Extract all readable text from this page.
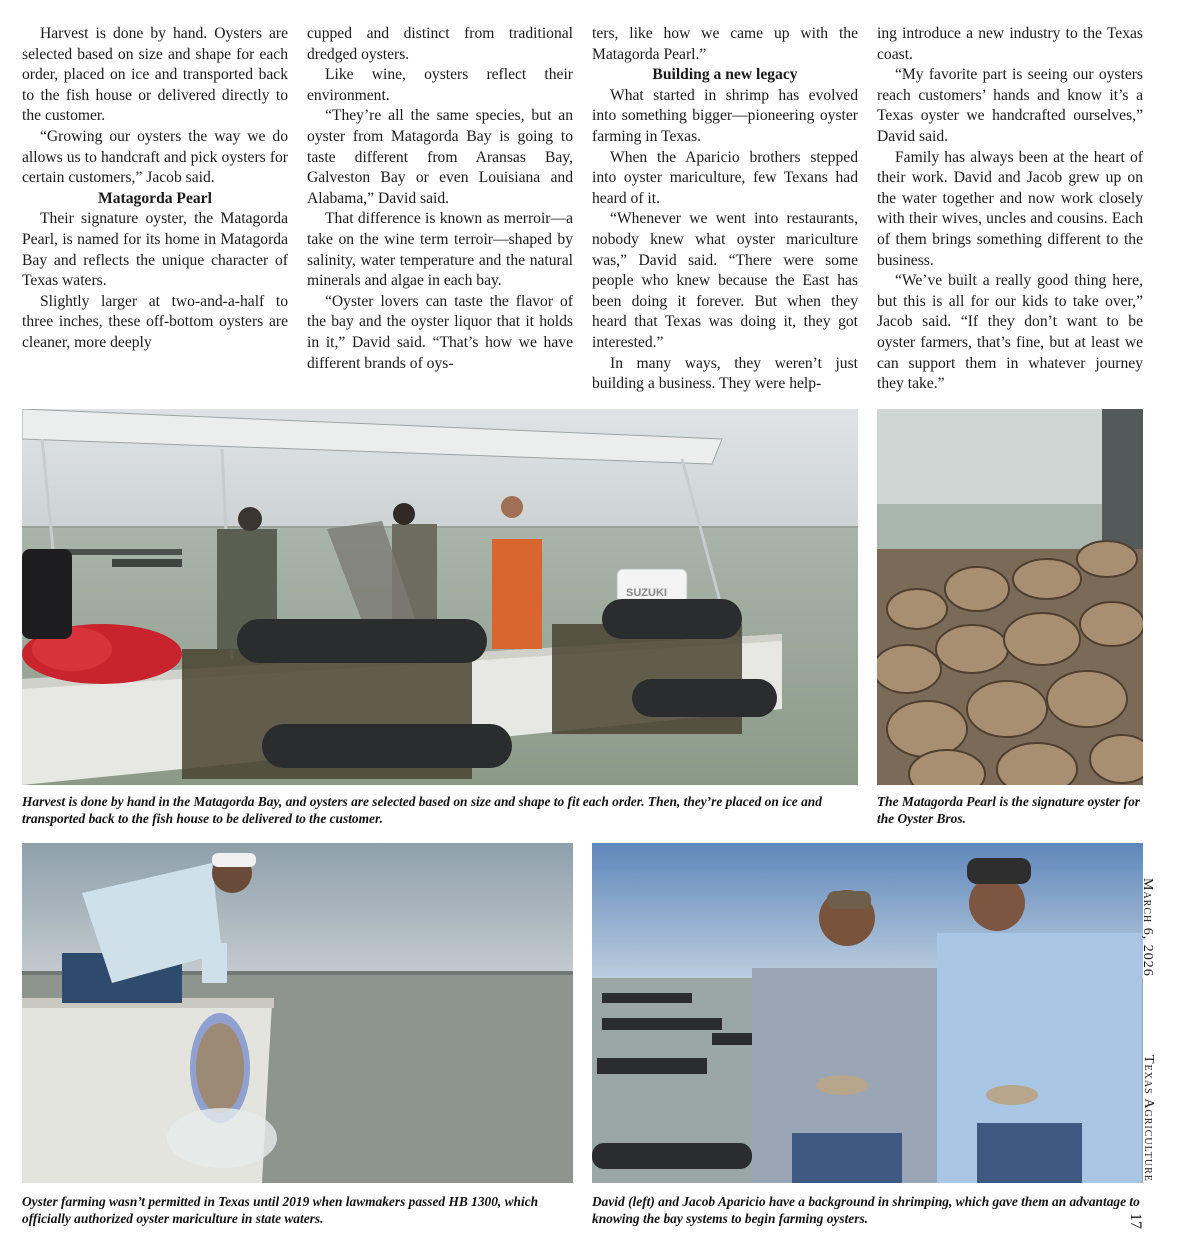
Harvest is done by hand. Oysters are selected based on size and shape for each order, placed on ice and transported back to the fish house or delivered directly to the customer.

“Growing our oysters the way we do allows us to handcraft and pick oysters for certain customers,” Jacob said.

Matagorda Pearl

Their signature oyster, the Matagorda Pearl, is named for its home in Matagorda Bay and reflects the unique character of Texas waters.

Slightly larger at two-and-a-half to three inches, these off-bottom oysters are cleaner, more deeply

cupped and distinct from traditional dredged oysters.

Like wine, oysters reflect their environment.

“They’re all the same species, but an oyster from Matagorda Bay is going to taste different from Aransas Bay, Galveston Bay or even Louisiana and Alabama,” David said.

That difference is known as merroir—a take on the wine term terroir—shaped by salinity, water temperature and the natural minerals and algae in each bay.

“Oyster lovers can taste the flavor of the bay and the oyster liquor that it holds in it,” David said. “That’s how we have different brands of oys-

ters, like how we came up with the Matagorda Pearl.”

Building a new legacy

What started in shrimp has evolved into something bigger—pioneering oyster farming in Texas.

When the Aparicio brothers stepped into oyster mariculture, few Texans had heard of it.

“Whenever we went into restaurants, nobody knew what oyster mariculture was,” David said. “There were some people who knew because the East has been doing it forever. But when they heard that Texas was doing it, they got interested.”

In many ways, they weren’t just building a business. They were help-

ing introduce a new industry to the Texas coast.

“My favorite part is seeing our oysters reach customers’ hands and know it’s a Texas oyster we handcrafted ourselves,” David said.

Family has always been at the heart of their work. David and Jacob grew up on the water together and now work closely with their wives, uncles and cousins. Each of them brings something different to the business.

“We’ve built a really good thing here, but this is all for our kids to take over,” Jacob said. “If they don’t want to be oyster farmers, that’s fine, but at least we can support them in whatever journey they take.”

SUZUKI
Harvest is done by hand in the Matagorda Bay, and oysters are selected based on size and shape to fit each order. Then, they’re placed on ice and transported back to the fish house to be delivered to the customer.
The Matagorda Pearl is the signature oyster for the Oyster Bros.
Oyster farming wasn’t permitted in Texas until 2019 when lawmakers passed HB 1300, which officially authorized oyster mariculture in state waters.
David (left) and Jacob Aparicio have a background in shrimping, which gave them an advantage to knowing the bay systems to begin farming oysters.
March 6, 2026
Texas Agriculture
17
